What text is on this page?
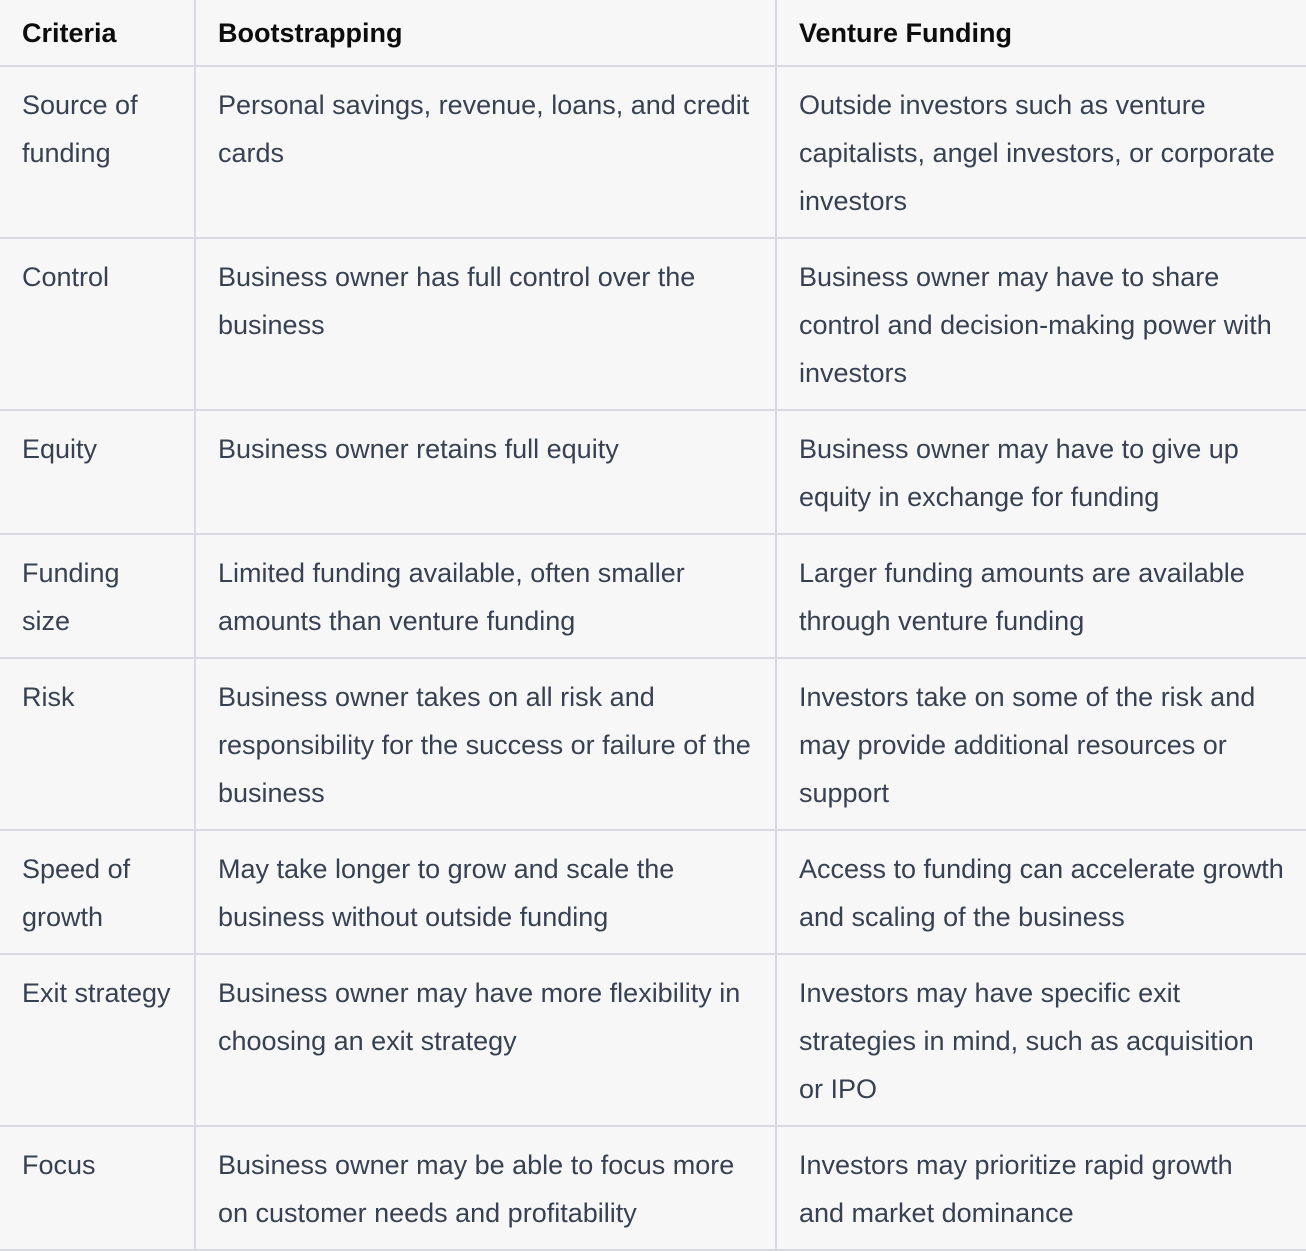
Criteria	Bootstrapping	Venture Funding
Source of funding	Personal savings, revenue, loans, and credit cards	Outside investors such as venture capitalists, angel investors, or corporate investors
Control	Business owner has full control over the business	Business owner may have to share control and decision-making power with investors
Equity	Business owner retains full equity	Business owner may have to give up equity in exchange for funding
Funding size	Limited funding available, often smaller amounts than venture funding	Larger funding amounts are available through venture funding
Risk	Business owner takes on all risk and responsibility for the success or failure of the business	Investors take on some of the risk and may provide additional resources or support
Speed of growth	May take longer to grow and scale the business without outside funding	Access to funding can accelerate growth and scaling of the business
Exit strategy	Business owner may have more flexibility in choosing an exit strategy	Investors may have specific exit strategies in mind, such as acquisition or IPO
Focus	Business owner may be able to focus more on customer needs and profitability	Investors may prioritize rapid growth and market dominance
